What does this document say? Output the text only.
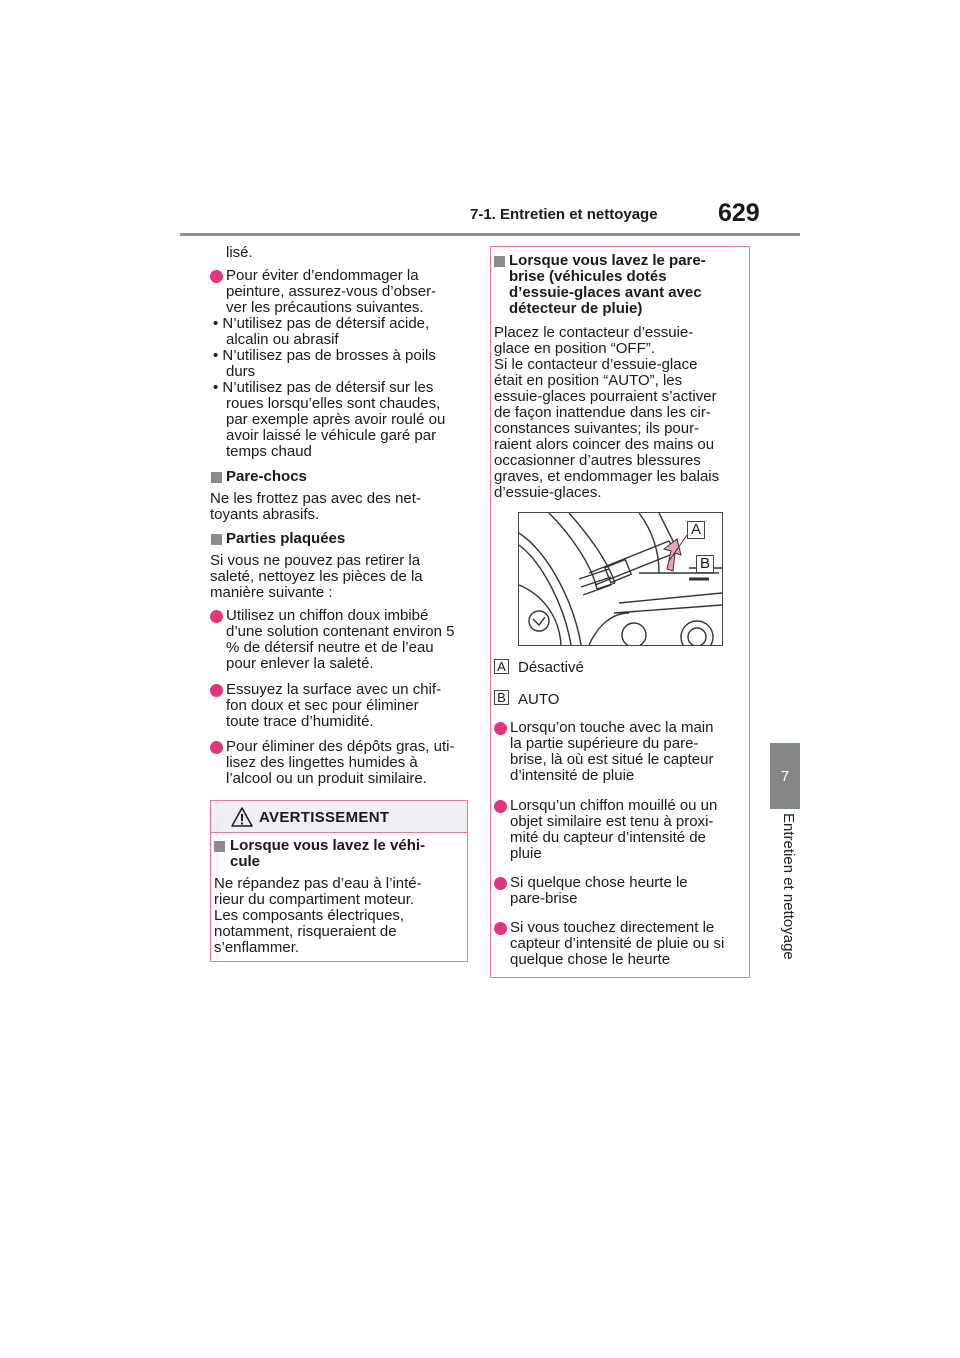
7-1. Entretien et nettoyage 629
7
Entretien et nettoyage
lisé.
Pour éviter d’endommager la
peinture, assurez-vous d’obser-
ver les précautions suivantes.
• N’utilisez pas de détersif acide,
alcalin ou abrasif
• N’utilisez pas de brosses à poils
durs
• N’utilisez pas de détersif sur les
roues lorsqu’elles sont chaudes,
par exemple après avoir roulé ou
avoir laissé le véhicule garé par
temps chaud
Pare-chocs
Ne les frottez pas avec des net-
toyants abrasifs.
Parties plaquées
Si vous ne pouvez pas retirer la
saleté, nettoyez les pièces de la
manière suivante :
Utilisez un chiffon doux imbibé
d’une solution contenant environ 5
% de détersif neutre et de l’eau
pour enlever la saleté.
Essuyez la surface avec un chif-
fon doux et sec pour éliminer
toute trace d’humidité.
Pour éliminer des dépôts gras, uti-
lisez des lingettes humides à
l’alcool ou un produit similaire.
AVERTISSEMENT
Lorsque vous lavez le véhi-
cule
Ne répandez pas d’eau à l’inté-
rieur du compartiment moteur.
Les composants électriques,
notamment, risqueraient de
s’enflammer.
Lorsque vous lavez le pare-
brise (véhicules dotés
d’essuie-glaces avant avec
détecteur de pluie)
Placez le contacteur d’essuie-
glace en position “OFF”.
Si le contacteur d’essuie-glace
était en position “AUTO”, les
essuie-glaces pourraient s’activer
de façon inattendue dans les cir-
constances suivantes; ils pour-
raient alors coincer des mains ou
occasionner d’autres blessures
graves, et endommager les balais
d’essuie-glaces.
A
B
A Désactivé
B AUTO
Lorsqu’on touche avec la main
la partie supérieure du pare-
brise, là où est situé le capteur
d’intensité de pluie
Lorsqu’un chiffon mouillé ou un
objet similaire est tenu à proxi-
mité du capteur d’intensité de
pluie
Si quelque chose heurte le
pare-brise
Si vous touchez directement le
capteur d’intensité de pluie ou si
quelque chose le heurte
